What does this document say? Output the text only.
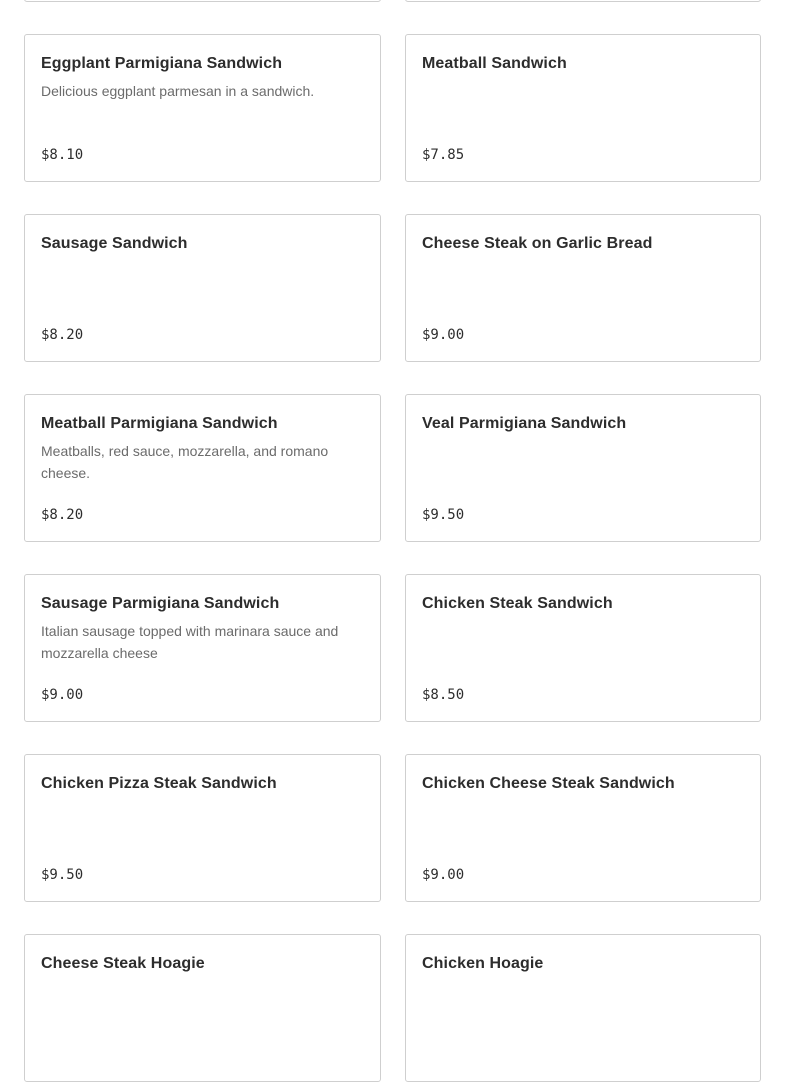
Eggplant Parmigiana Sandwich
Delicious eggplant parmesan in a sandwich.
$8.10
Meatball Sandwich
$7.85
Sausage Sandwich
$8.20
Cheese Steak on Garlic Bread
$9.00
Meatball Parmigiana Sandwich
Meatballs, red sauce, mozzarella, and romano cheese.
$8.20
Veal Parmigiana Sandwich
$9.50
Sausage Parmigiana Sandwich
Italian sausage topped with marinara sauce and mozzarella cheese
$9.00
Chicken Steak Sandwich
$8.50
Chicken Pizza Steak Sandwich
$9.50
Chicken Cheese Steak Sandwich
$9.00
Cheese Steak Hoagie	Chicken Hoagie
